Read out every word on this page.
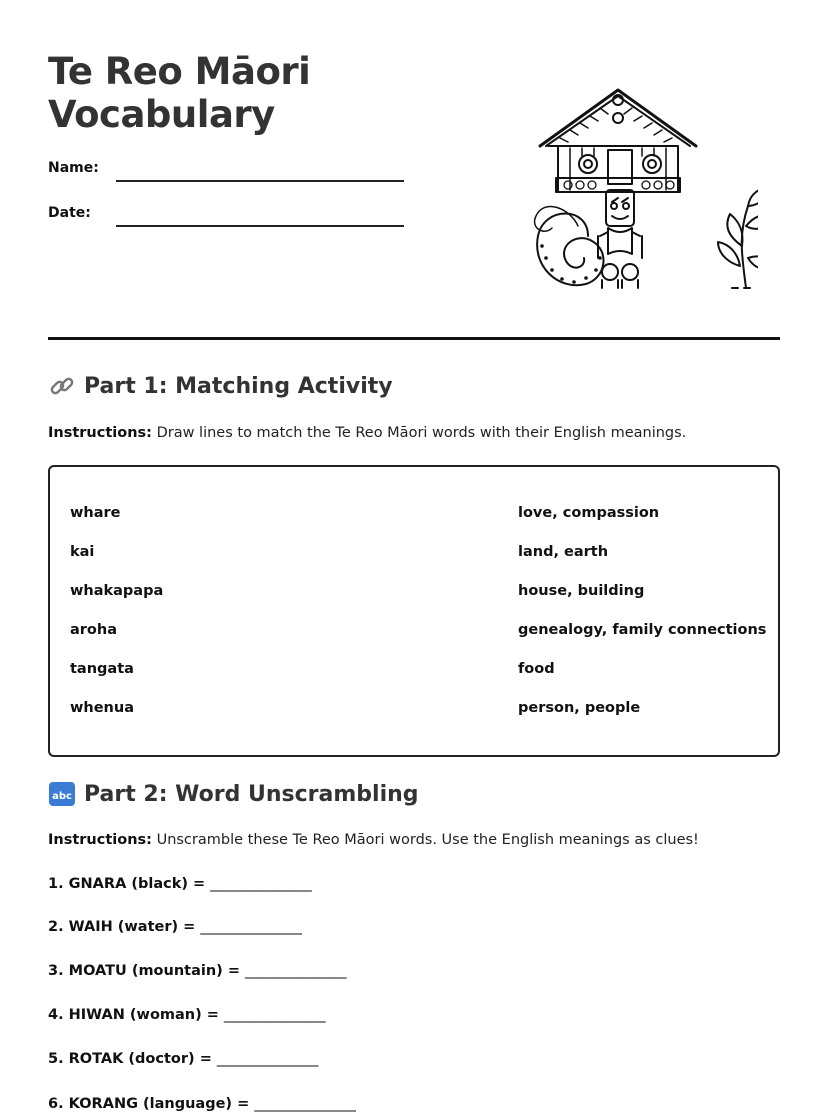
Te Reo Māori
Vocabulary
Name:
Date:
Part 1: Matching Activity
Instructions: Draw lines to match the Te Reo Māori words with their English meanings.
whare
kai
whakapapa
aroha
tangata
whenua
love, compassion
land, earth
house, building
genealogy, family connections
food
person, people
abc Part 2: Word Unscrambling
Instructions: Unscramble these Te Reo Māori words. Use the English meanings as clues!
1. GNARA (black) = ______________
2. WAIH (water) = ______________
3. MOATU (mountain) = ______________
4. HIWAN (woman) = ______________
5. ROTAK (doctor) = ______________
6. KORANG (language) = ______________
